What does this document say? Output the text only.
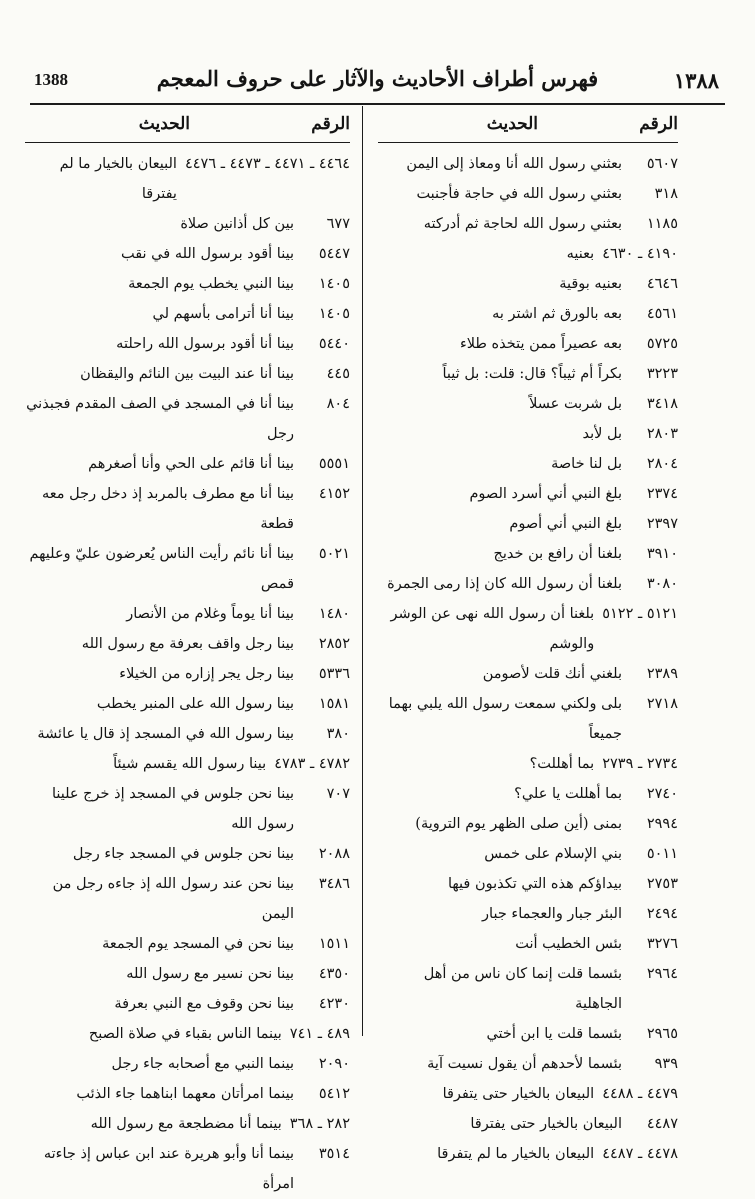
١٣٨٨
فهرس أطراف الأحاديث والآثار على حروف المعجم
1388
الرقم
الحديث
٥٦٠٧
بعثني رسول الله أنا ومعاذ إلى اليمن
٣١٨
بعثني رسول الله في حاجة فأجنبت
١١٨٥
بعثني رسول الله لحاجة ثم أدركته
٤١٩٠ ـ ٤٦٣٠
بعنيه
٤٦٤٦
بعنيه بوقية
٤٥٦١
بعه بالورق ثم اشتر به
٥٧٢٥
بعه عصيراً ممن يتخذه طلاء
٣٢٢٣
بكراً أم ثيباً؟ قال: قلت: بل ثيباً
٣٤١٨
بل شربت عسلاً
٢٨٠٣
بل لأبد
٢٨٠٤
بل لنا خاصة
٢٣٧٤
بلغ النبي أني أسرد الصوم
٢٣٩٧
بلغ النبي أني أصوم
٣٩١٠
بلغنا أن رافع بن خديج
٣٠٨٠
بلغنا أن رسول الله كان إذا رمى الجمرة
٥١٢١ ـ ٥١٢٢
بلغنا أن رسول الله نهى عن الوشر والوشم
٢٣٨٩
بلغني أنك قلت لأصومن
٢٧١٨
بلى ولكني سمعت رسول الله يلبي بهما جميعاً
٢٧٣٤ ـ ٢٧٣٩
بما أهللت؟
٢٧٤٠
بما أهللت يا علي؟
٢٩٩٤
بمنى (أين صلى الظهر يوم التروية)
٥٠١١
بني الإسلام على خمس
٢٧٥٣
بيداؤكم هذه التي تكذبون فيها
٢٤٩٤
البئر جبار والعجماء جبار
٣٢٧٦
بئس الخطيب أنت
٢٩٦٤
بئسما قلت إنما كان ناس من أهل الجاهلية
٢٩٦٥
بئسما قلت يا ابن أختي
٩٣٩
بئسما لأحدهم أن يقول نسيت آية
٤٤٧٩ ـ ٤٤٨٨
البيعان بالخيار حتى يتفرقا
٤٤٨٧
البيعان بالخيار حتى يفترقا
٤٤٧٨ ـ ٤٤٨٧
البيعان بالخيار ما لم يتفرقا
الرقم
الحديث
٤٤٦٤ ـ ٤٤٧١ ـ ٤٤٧٣ ـ ٤٤٧٦
البيعان بالخيار ما لم يفترقا
٦٧٧
بين كل أذانين صلاة
٥٤٤٧
بينا أقود برسول الله في نقب
١٤٠٥
بينا النبي يخطب يوم الجمعة
١٤٠٥
بينا أنا أترامى بأسهم لي
٥٤٤٠
بينا أنا أقود برسول الله راحلته
٤٤٥
بينا أنا عند البيت بين النائم واليقظان
٨٠٤
بينا أنا في المسجد في الصف المقدم فجبذني رجل
٥٥٥١
بينا أنا قائم على الحي وأنا أصغرهم
٤١٥٢
بينا أنا مع مطرف بالمربد إذ دخل رجل معه قطعة
٥٠٢١
بينا أنا نائم رأيت الناس يُعرضون عليّ وعليهم قمص
١٤٨٠
بينا أنا يوماً وغلام من الأنصار
٢٨٥٢
بينا رجل واقف بعرفة مع رسول الله
٥٣٣٦
بينا رجل يجر إزاره من الخيلاء
١٥٨١
بينا رسول الله على المنبر يخطب
٣٨٠
بينا رسول الله في المسجد إذ قال يا عائشة
٤٧٨٢ ـ ٤٧٨٣
بينا رسول الله يقسم شيئاً
٧٠٧
بينا نحن جلوس في المسجد إذ خرج علينا رسول الله
٢٠٨٨
بينا نحن جلوس في المسجد جاء رجل
٣٤٨٦
بينا نحن عند رسول الله إذ جاءه رجل من اليمن
١٥١١
بينا نحن في المسجد يوم الجمعة
٤٣٥٠
بينا نحن نسير مع رسول الله
٤٢٣٠
بينا نحن وقوف مع النبي بعرفة
٤٨٩ ـ ٧٤١
بينما الناس بقباء في صلاة الصبح
٢٠٩٠
بينما النبي مع أصحابه جاء رجل
٥٤١٢
بينما امرأتان معهما ابناهما جاء الذئب
٢٨٢ ـ ٣٦٨
بينما أنا مضطجعة مع رسول الله
٣٥١٤
بينما أنا وأبو هريرة عند ابن عباس إذ جاءته امرأة
